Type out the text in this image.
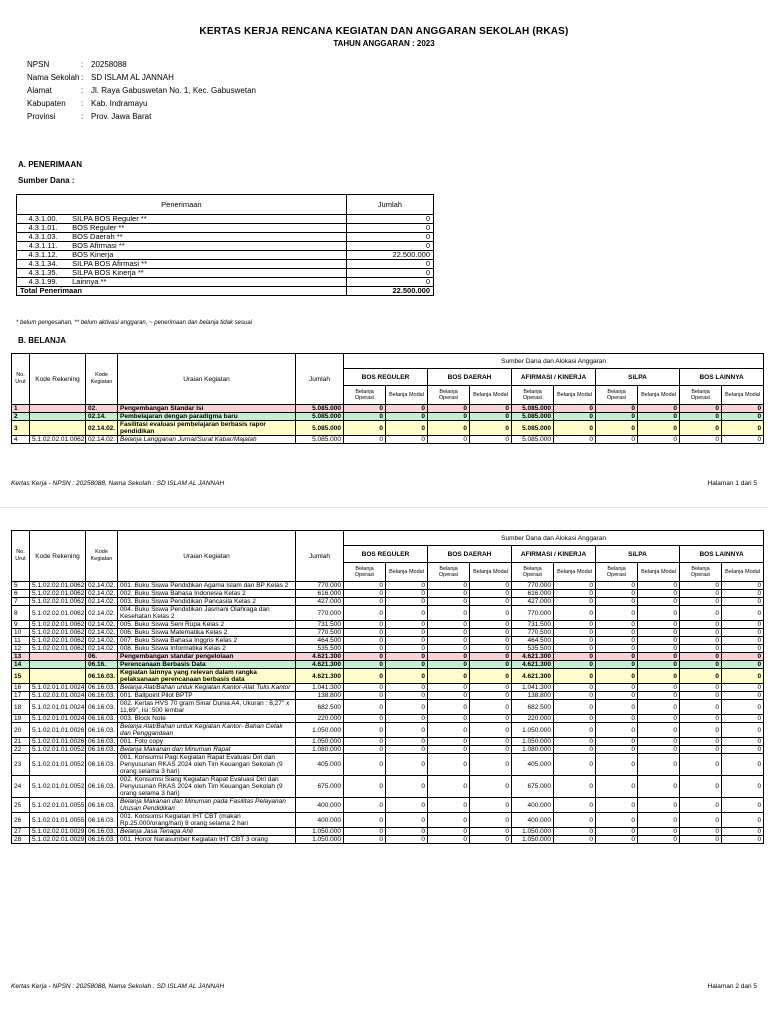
KERTAS KERJA RENCANA KEGIATAN DAN ANGGARAN SEKOLAH (RKAS)
TAHUN ANGGARAN : 2023
NPSN	: 20258088
Nama Sekolah : SD ISLAM AL JANNAH
Alamat	: Jl. Raya Gabuswetan No. 1, Kec. Gabuswetan
Kabupaten : Kab. Indramayu
Provinsi	: Prov. Jawa Barat
A. PENERIMAAN
Sumber Dana :
Penerimaan		Jumlah
4.3.1.00.	SILPA BOS Reguler **	0
4.3.1.01.	BOS Reguler **	0
4.3.1.03.	BOS Daerah **	0
4.3.1.11.	BOS Afirmasi **	0
4.3.1.12.	BOS Kinerja	22.500.000
4.3.1.34.	SILPA BOS Afirmasi **	0
4.3.1.35.	SILPA BOS Kinerja **	0
4.3.1.99.	Lainnya **	0
Total Penerimaan		22.500.000
* belum pengesahan, ** belum aktivasi anggaran, ~ penerimaan dan belanja tidak sesuai
B. BELANJA
No. Urut	Kode Rekening	Kode Kegiatan	Uraian Kegiatan	Jumlah	Sumber Dana dan Alokasi Anggaran									
					BOS REGULER		BOS DAERAH		AFIRMASI / KINERJA		SiLPA		BOS LAINNYA	
					Belanja Operasi	Belanja Modal	Belanja Operasi	Belanja Modal	Belanja Operasi	Belanja Modal	Belanja Operasi	Belanja Modal	Belanja Operasi	Belanja Modal
1		02.	Pengembangan Standar Isi	5.085.000	0	0	0	0	5.085.000	0	0	0	0	0
2		02.14.	Pembelajaran dengan paradigma baru	5.085.000	0	0	0	0	5.085.000	0	0	0	0	0
3		02.14.02.	Fasilitasi evaluasi pembelajaran berbasis rapor pendidikan	5.085.000	0	0	0	0	5.085.000	0	0	0	0	0
4	5.1.02.02.01.0062	02.14.02.	Belanja Langganan Jurnal/Surat Kabar/Majalah	5.085.000	0	0	0	0	5.085.000	0	0	0	0	0
Kertas Kerja - NPSN : 20258088, Nama Sekolah : SD ISLAM AL JANNAH	Halaman 1 dari 5
No. Urut	Kode Rekening	Kode Kegiatan	Uraian Kegiatan	Jumlah	Sumber Dana dan Alokasi Anggaran									
					BOS REGULER		BOS DAERAH		AFIRMASI / KINERJA		SiLPA		BOS LAINNYA	
					Belanja Operasi	Belanja Modal	Belanja Operasi	Belanja Modal	Belanja Operasi	Belanja Modal	Belanja Operasi	Belanja Modal	Belanja Operasi	Belanja Modal
5	5.1.02.02.01.0062	02.14.02.	001. Buku Siswa Pendidikan Agama Islam dan BP Kelas 2	770.000	0	0	0	0	770.000	0	0	0	0	0
6	5.1.02.02.01.0062	02.14.02.	002. Buku Siswa Bahasa Indonesia Kelas 2	616.000	0	0	0	0	616.000	0	0	0	0	0
7	5.1.02.02.01.0062	02.14.02.	003. Buku Siswa Pendidikan Pancasila Kelas 2	427.000	0	0	0	0	427.000	0	0	0	0	0
8	5.1.02.02.01.0062	02.14.02.	004. Buku Siswa Pendidikan Jasmani Olahraga dan Kesehatan Kelas 2	770.000	0	0	0	0	770.000	0	0	0	0	0
9	5.1.02.02.01.0062	02.14.02.	005. Buku Siswa Seni Rupa Kelas 2	731.500	0	0	0	0	731.500	0	0	0	0	0
10	5.1.02.02.01.0062	02.14.02.	006. Buku Siswa Matematika Kelas 2	770.500	0	0	0	0	770.500	0	0	0	0	0
11	5.1.02.02.01.0062	02.14.02.	007. Buku Siswa Bahasa Inggris Kelas 2	464.500	0	0	0	0	464.500	0	0	0	0	0
12	5.1.02.02.01.0062	02.14.02.	008. Buku Siswa Informatika Kelas 2	535.500	0	0	0	0	535.500	0	0	0	0	0
13		06.	Pengembangan standar pengelolaan	4.621.300	0	0	0	0	4.621.300	0	0	0	0	0
14		06.16.	Perencanaan Berbasis Data	4.621.300	0	0	0	0	4.621.300	0	0	0	0	0
15		06.16.03.	Kegiatan lainnya yang relevan dalam rangka pelaksanaan perencanaan berbasis data	4.621.300	0	0	0	0	4.621.300	0	0	0	0	0
16	5.1.02.01.01.0024	06.16.03.	Belanja Alat/Bahan untuk Kegiatan Kantor-Alat Tulis Kantor	1.041.300	0	0	0	0	1.041.300	0	0	0	0	0
17	5.1.02.01.01.0024	06.16.03.	001. Ballpoint Pilot BPTP	138.800	0	0	0	0	138.800	0	0	0	0	0
18	5.1.02.01.01.0024	06.16.03.	002. Kertas HVS 70 gram Sinar Dunia A4, Ukuran : 8,27" x 11,69", Isi :500 lembar	682.500	0	0	0	0	682.500	0	0	0	0	0
19	5.1.02.01.01.0024	06.16.03.	003. Block Note	220.000	0	0	0	0	220.000	0	0	0	0	0
20	5.1.02.01.01.0026	06.16.03.	Belanja Alat/Bahan untuk Kegiatan Kantor- Bahan Cetak dan Penggandaan	1.050.000	0	0	0	0	1.050.000	0	0	0	0	0
21	5.1.02.01.01.0026	06.16.03.	001. Foto copy	1.050.000	0	0	0	0	1.050.000	0	0	0	0	0
22	5.1.02.01.01.0052	06.16.03.	Belanja Makanan dan Minuman Rapat	1.080.000	0	0	0	0	1.080.000	0	0	0	0	0
23	5.1.02.01.01.0052	06.16.03.	001. Konsumsi Pagi Kegiatan Rapat Evaluasi Diri dan Penyusunan RKAS 2024 oleh Tim Keuangan Sekolah (9 orang selama 3 hari)	405.000	0	0	0	0	405.000	0	0	0	0	0
24	5.1.02.01.01.0052	06.16.03.	002. Konsumsi Siang Kegiatan Rapat Evaluasi Diri dan Penyusunan RKAS 2024 oleh Tim Keuangan Sekolah (9 orang selama 3 hari)	675.000	0	0	0	0	675.000	0	0	0	0	0
25	5.1.02.01.01.0055	06.16.03.	Belanja Makanan dan Minuman pada Fasilitas Pelayanan Urusan Pendidikan	400.000	0	0	0	0	400.000	0	0	0	0	0
26	5.1.02.01.01.0055	06.16.03.	001. Konsumsi Kegiatan IHT CBT (makan Rp.25.000/orang/hari) 8 orang selama 2 hari	400.000	0	0	0	0	400.000	0	0	0	0	0
27	5.1.02.02.01.0029	06.16.03.	Belanja Jasa Tenaga Ahli	1.050.000	0	0	0	0	1.050.000	0	0	0	0	0
28	5.1.02.02.01.0029	06.16.03.	001. Honor Narasumber Kegiatan IHT CBT 3 orang	1.050.000	0	0	0	0	1.050.000	0	0	0	0	0
Kertas Kerja - NPSN : 20258088, Nama Sekolah : SD ISLAM AL JANNAH	Halaman 2 dari 5
